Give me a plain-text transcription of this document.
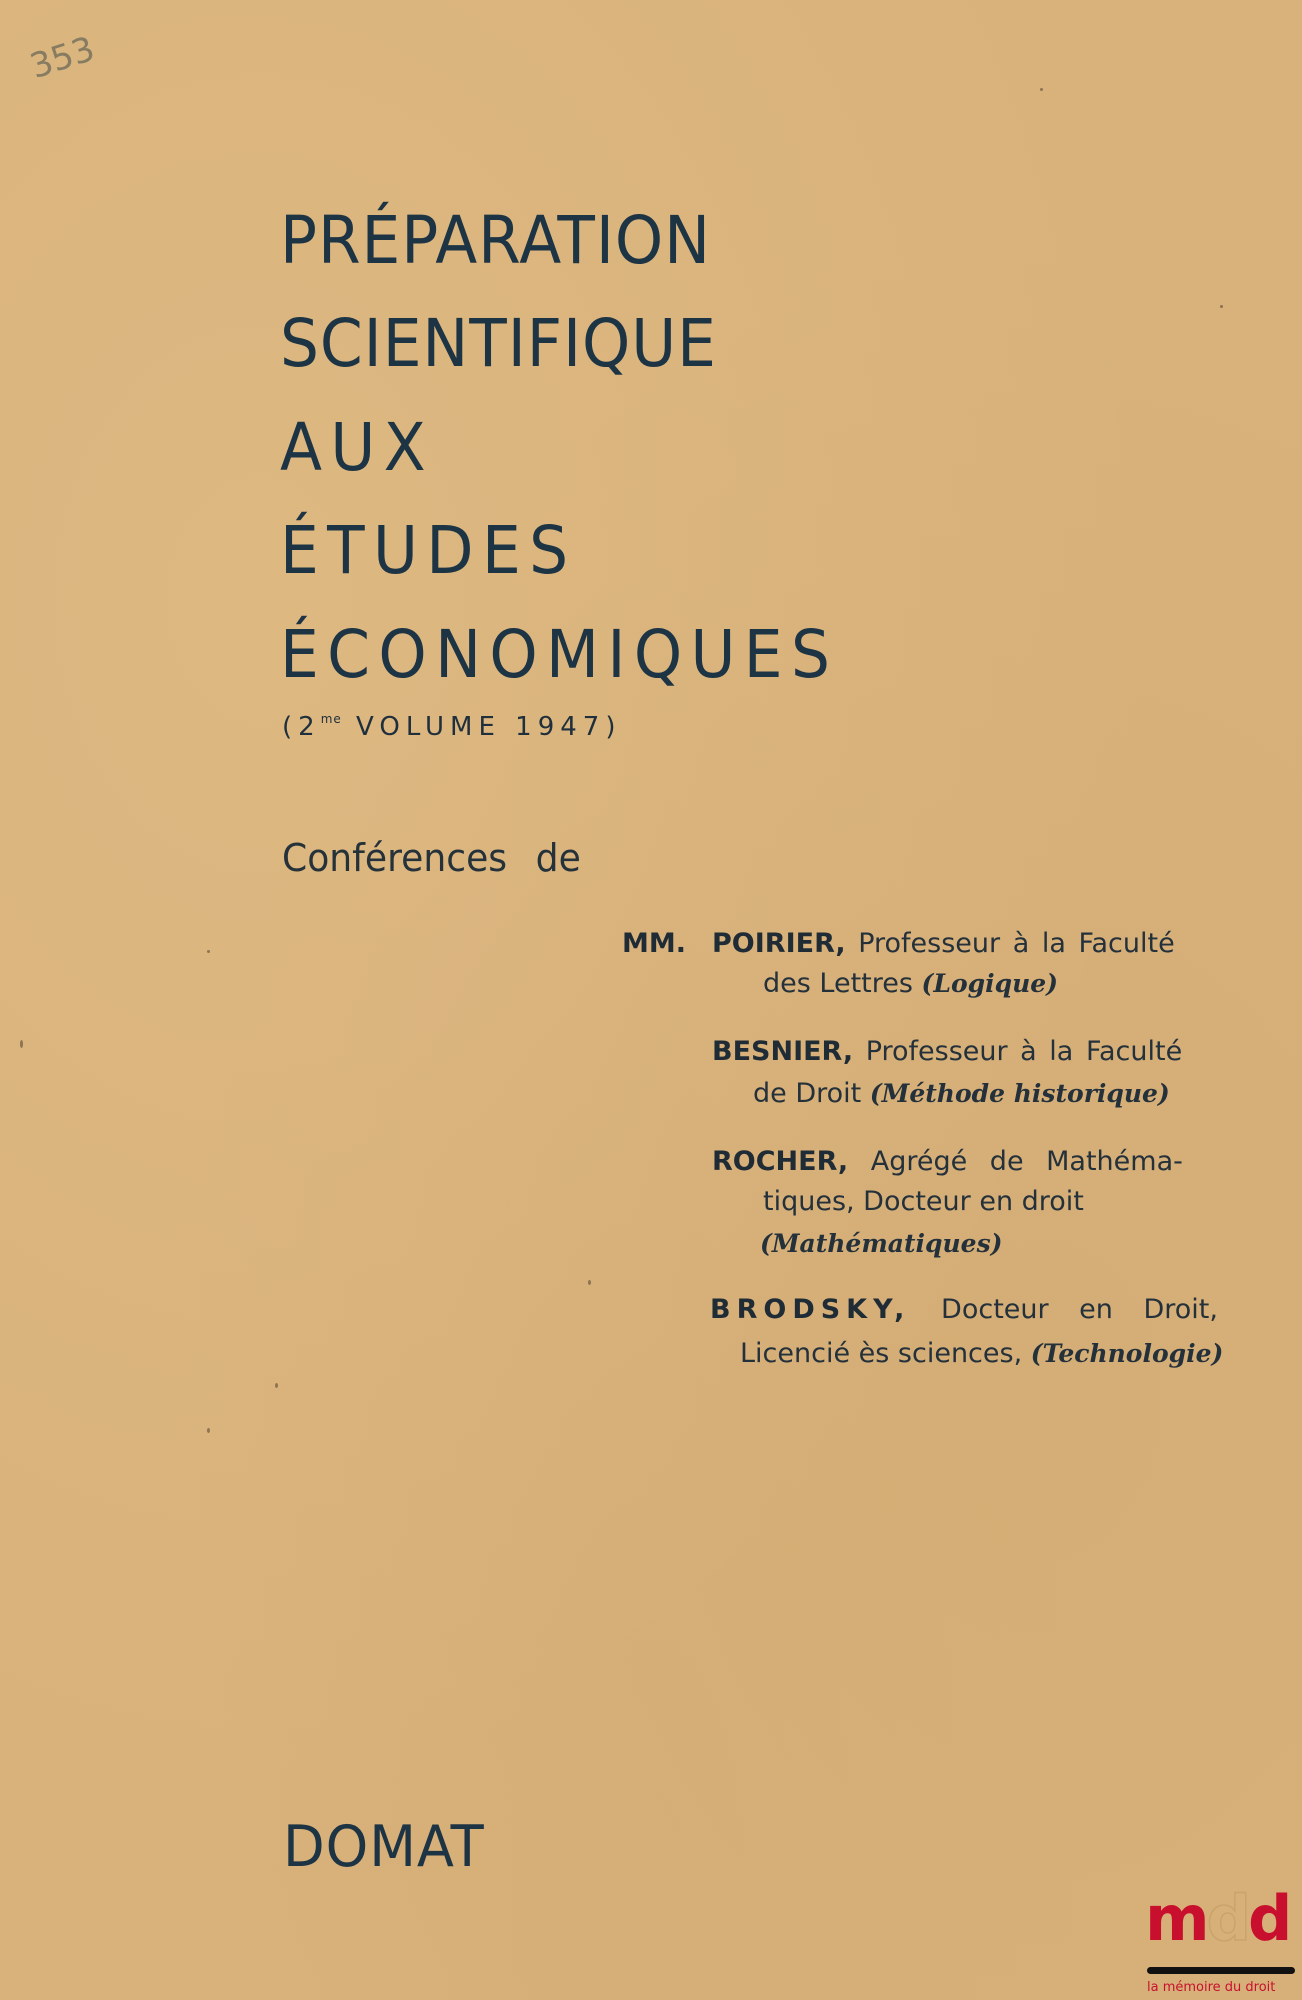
353
PRÉPARATION
SCIENTIFIQUE
AUX
ÉTUDES
ÉCONOMIQUES
($2^{me}$ VOLUME 1947)
Conférences de
MM. POIRIER, Professeur à la Faculté
des Lettres (Logique)
BESNIER, Professeur à la Faculté
de Droit (Méthode historique)
ROCHER, Agrégé de Mathéma-
tiques, Docteur en droit
(Mathématiques)
BRODSKY, Docteur en Droit,
Licencié ès sciences, (Technologie)
DOMAT
mdd
la mémoire du droit
